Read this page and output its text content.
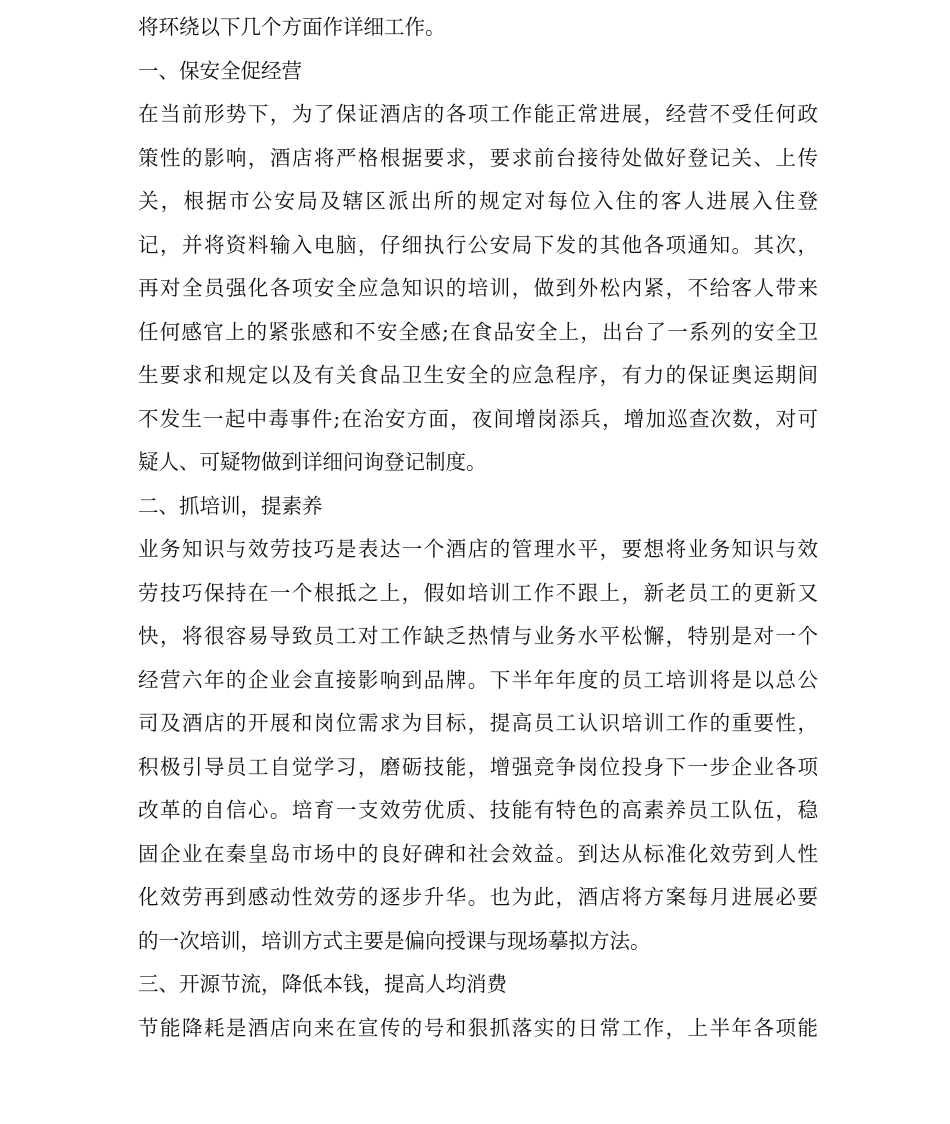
将环绕以下几个方面作详细工作。
一、保安全促经营
在当前形势下，为了保证酒店的各项工作能正常进展，经营不受任何政
策性的影响，酒店将严格根据要求，要求前台接待处做好登记关、上传
关，根据市公安局及辖区派出所的规定对每位入住的客人进展入住登
记，并将资料输入电脑，仔细执行公安局下发的其他各项通知。其次，
再对全员强化各项安全应急知识的培训，做到外松内紧，不给客人带来
任何感官上的紧张感和不安全感;在食品安全上，出台了一系列的安全卫
生要求和规定以及有关食品卫生安全的应急程序，有力的保证奥运期间
不发生一起中毒事件;在治安方面，夜间增岗添兵，增加巡查次数，对可
疑人、可疑物做到详细问询登记制度。
二、抓培训，提素养
业务知识与效劳技巧是表达一个酒店的管理水平，要想将业务知识与效
劳技巧保持在一个根抵之上，假如培训工作不跟上，新老员工的更新又
快，将很容易导致员工对工作缺乏热情与业务水平松懈，特别是对一个
经营六年的企业会直接影响到品牌。下半年年度的员工培训将是以总公
司及酒店的开展和岗位需求为目标，提高员工认识培训工作的重要性，
积极引导员工自觉学习，磨砺技能，增强竞争岗位投身下一步企业各项
改革的自信心。培育一支效劳优质、技能有特色的高素养员工队伍，稳
固企业在秦皇岛市场中的良好碑和社会效益。到达从标准化效劳到人性
化效劳再到感动性效劳的逐步升华。也为此，酒店将方案每月进展必要
的一次培训，培训方式主要是偏向授课与现场摹拟方法。
三、开源节流，降低本钱，提高人均消费
节能降耗是酒店向来在宣传的号和狠抓落实的日常工作，上半年各项能
